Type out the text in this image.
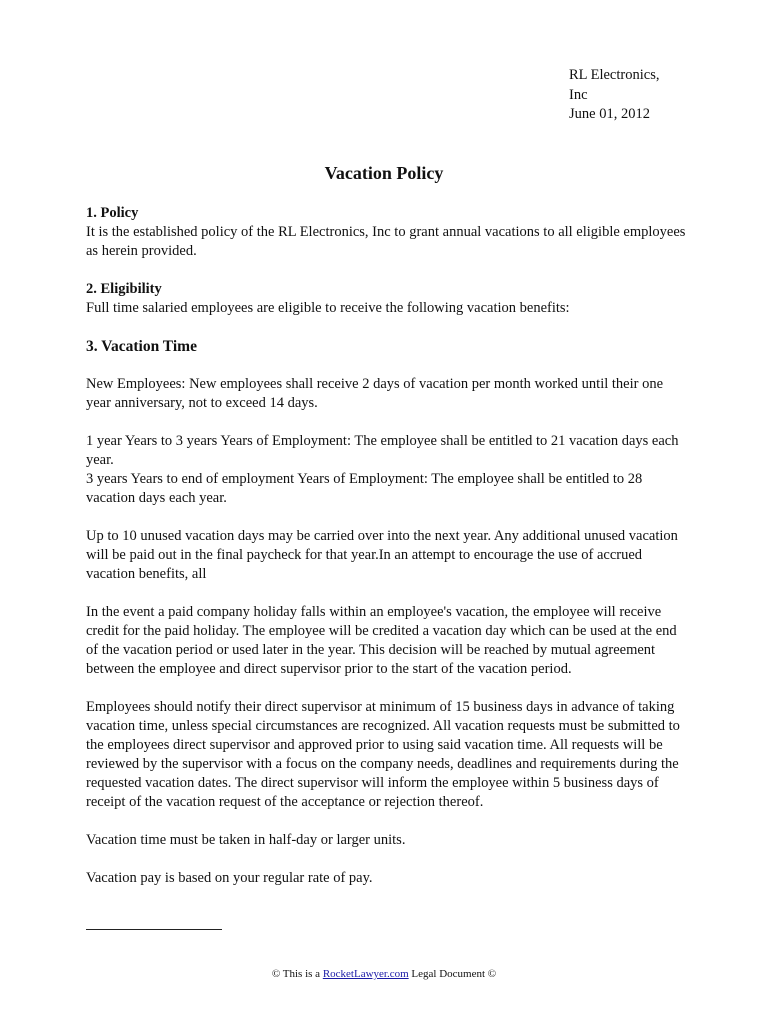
RL Electronics,
Inc
June 01, 2012
Vacation Policy
1. Policy

It is the established policy of the RL Electronics, Inc to grant annual vacations to all eligible employees as herein provided.

2. Eligibility

Full time salaried employees are eligible to receive the following vacation benefits:

3. Vacation Time

New Employees: New employees shall receive 2 days of vacation per month worked until their one year anniversary, not to exceed 14 days.

1 year Years to 3 years Years of Employment: The employee shall be entitled to 21 vacation days each year.

3 years Years to end of employment Years of Employment: The employee shall be entitled to 28 vacation days each year.

Up to 10 unused vacation days may be carried over into the next year. Any additional unused vacation will be paid out in the final paycheck for that year.In an attempt to encourage the use of accrued vacation benefits, all

In the event a paid company holiday falls within an employee's vacation, the employee will receive credit for the paid holiday. The employee will be credited a vacation day which can be used at the end of the vacation period or used later in the year. This decision will be reached by mutual agreement between the employee and direct supervisor prior to the start of the vacation period.

Employees should notify their direct supervisor at minimum of 15 business days in advance of taking vacation time, unless special circumstances are recognized. All vacation requests must be submitted to the employees direct supervisor and approved prior to using said vacation time. All requests will be reviewed by the supervisor with a focus on the company needs, deadlines and requirements during the requested vacation dates. The direct supervisor will inform the employee within 5 business days of receipt of the vacation request of the acceptance or rejection thereof.

Vacation time must be taken in half-day or larger units.

Vacation pay is based on your regular rate of pay.

© This is a RocketLawyer.com Legal Document ©
